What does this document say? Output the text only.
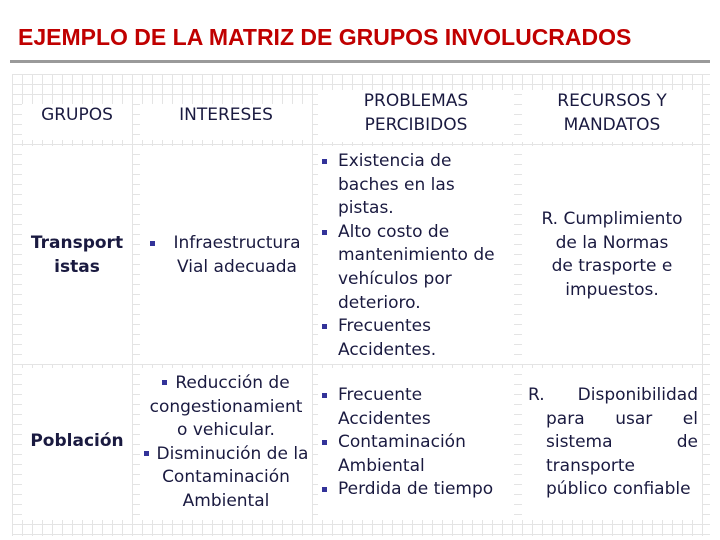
EJEMPLO DE LA MATRIZ DE GRUPOS INVOLUCRADOS
GRUPOS	INTERESES
PROBLEMAS
PERCIBIDOS
RECURSOS Y
MANDATOS
Transport
istas
Infraestructura
Vial adecuada
Existencia de
baches en las
pistas.
Alto costo de
mantenimiento de
vehículos por
deterioro.
Frecuentes
Accidentes.
R. Cumplimiento
de la Normas
de trasporte e
impuestos.
Población
Reducción de
congestionamient
o vehicular.
Disminución de la
Contaminación
Ambiental
Frecuente
Accidentes
Contaminación
Ambiental
Perdida de tiempo
R. Disponibilidad
para usar el
sistema de
transporte
público confiable
